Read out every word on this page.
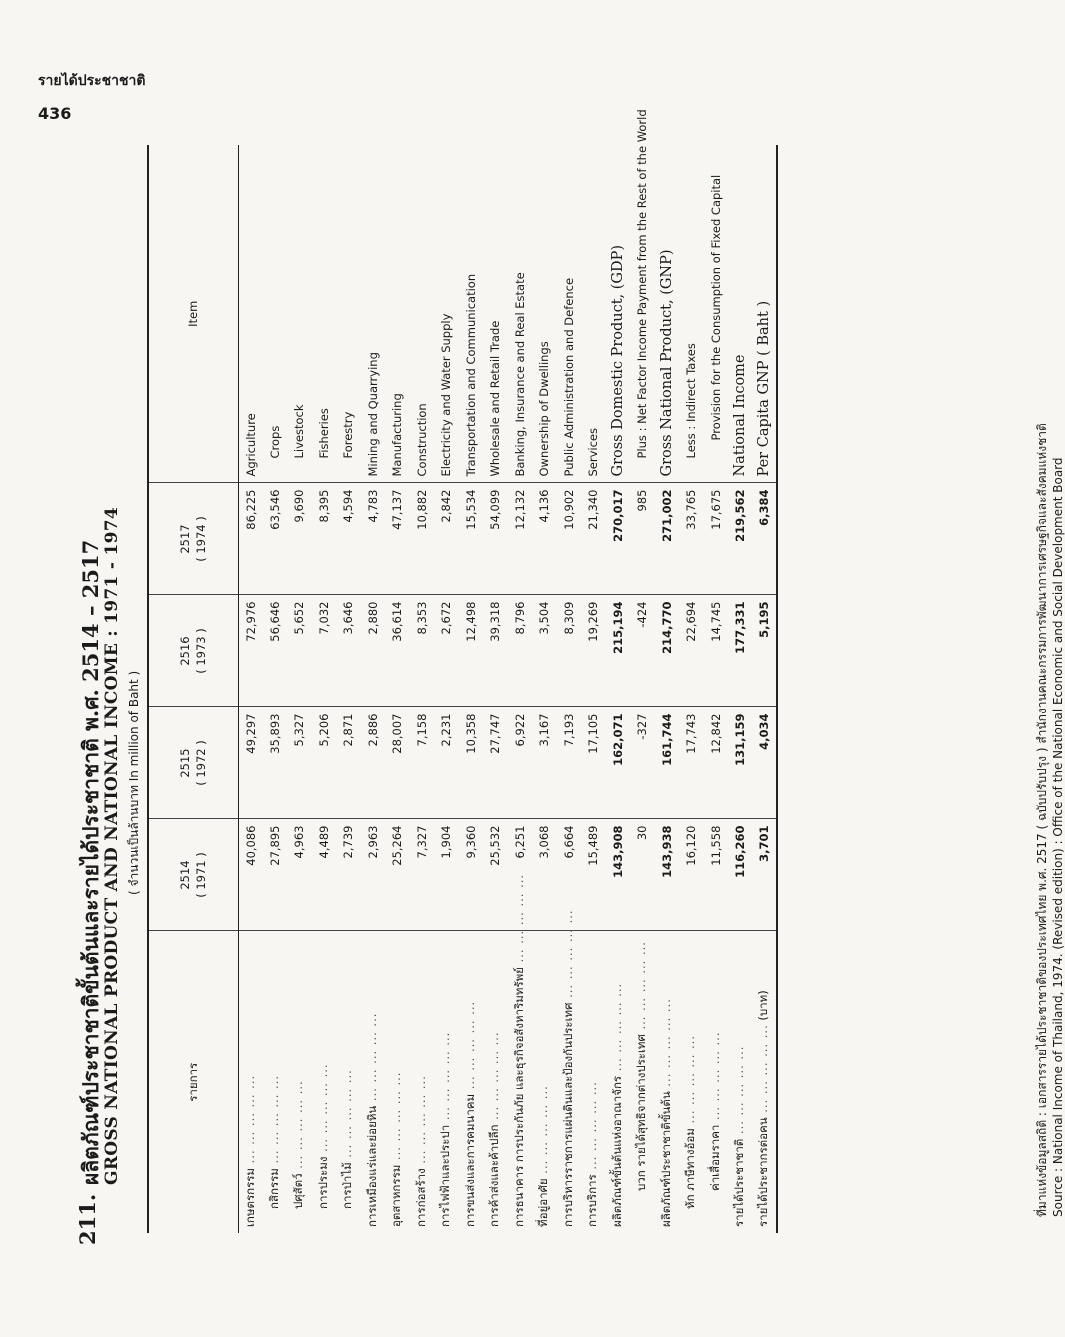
รายได้ประชาชาติ
436
211.
ผลิตภัณฑ์ประชาชาติขั้นต้นและรายได้ประชาชาติ พ.ศ. 2514 – 2517 GROSS NATIONAL PRODUCT AND NATIONAL INCOME : 1971 - 1974 ( จำนวนเป็นล้านบาท In million of Baht )
รายการ	2514 ( 1971 )	2515 ( 1972 )	2516 ( 1973 )	2517 ( 1974 )	Item
เกษตรกรรม ... ... ... ... ...	40,086	49,297	72,976	86,225	Agriculture
กสิกรรม ... ... ... ... ...	27,895	35,893	56,646	63,546	Crops
ปศุสัตว์ ... ... ... ... ...	4,963	5,327	5,652	9,690	Livestock
การประมง ... ... ... ... ...	4,489	5,206	7,032	8,395	Fisheries
การป่าไม้ ... ... ... ... ...	2,739	2,871	3,646	4,594	Forestry
การเหมืองแร่และย่อยหิน ... ... ... ... ...	2,963	2,886	2,880	4,783	Mining and Quarrying
อุตสาหกรรม ... ... ... ... ...	25,264	28,007	36,614	47,137	Manufacturing
การก่อสร้าง ... ... ... ... ...	7,327	7,158	8,353	10,882	Construction
การไฟฟ้าและประปา ... ... ... ... ...	1,904	2,231	2,672	2,842	Electricity and Water Supply
การขนส่งและการคมนาคม ... ... ... ... ...	9,360	10,358	12,498	15,534	Transportation and Communication
การค้าส่งและค้าปลีก ... ... ... ... ...	25,532	27,747	39,318	54,099	Wholesale and Retail Trade
การธนาคาร การประกันภัย และธุรกิจอสังหาริมทรัพย์ ... ... ... ... ...	6,251	6,922	8,796	12,132	Banking, Insurance and Real Estate
ที่อยู่อาศัย ... ... ... ... ...	3,068	3,167	3,504	4,136	Ownership of Dwellings
การบริหารราชการแผ่นดินและป้องกันประเทศ ... ... ... ... ...	6,664	7,193	8,309	10,902	Public Administration and Defence
การบริการ ... ... ... ... ...	15,489	17,105	19,269	21,340	Services
ผลิตภัณฑ์ขั้นต้นแห่งอาณาจักร ... ... ... ... ...	143,908	162,071	215,194	270,017	Gross Domestic Product, (GDP)
บวก รายได้สุทธิจากต่างประเทศ ... ... ... ... ...	30	-327	-424	985	Plus : Net Factor Income Payment from the Rest of the World
ผลิตภัณฑ์ประชาชาติขั้นต้น ... ... ... ... ...	143,938	161,744	214,770	271,002	Gross National Product, (GNP)
หัก ภาษีทางอ้อม ... ... ... ... ...	16,120	17,743	22,694	33,765	Less : Indirect Taxes
ค่าเสื่อมราคา ... ... ... ... ...	11,558	12,842	14,745	17,675	Provision for the Consumption of Fixed Capital
รายได้ประชาชาติ ... ... ... ... ...	116,260	131,159	177,331	219,562	National Income
รายได้ประชากรต่อคน ... ... ... ... ... (บาท)	3,701	4,034	5,195	6,384	Per Capita GNP ( Baht )
ที่มาแห่งข้อมูลสถิติ : เอกสารรายได้ประชาชาติของประเทศไทย พ.ศ. 2517 ( ฉบับปรับปรุง ) สำนักงานคณะกรรมการพัฒนาการเศรษฐกิจและสังคมแห่งชาติ Source : National Income of Thailand, 1974. (Revised edition) : Office of the National Economic and Social Development Board
